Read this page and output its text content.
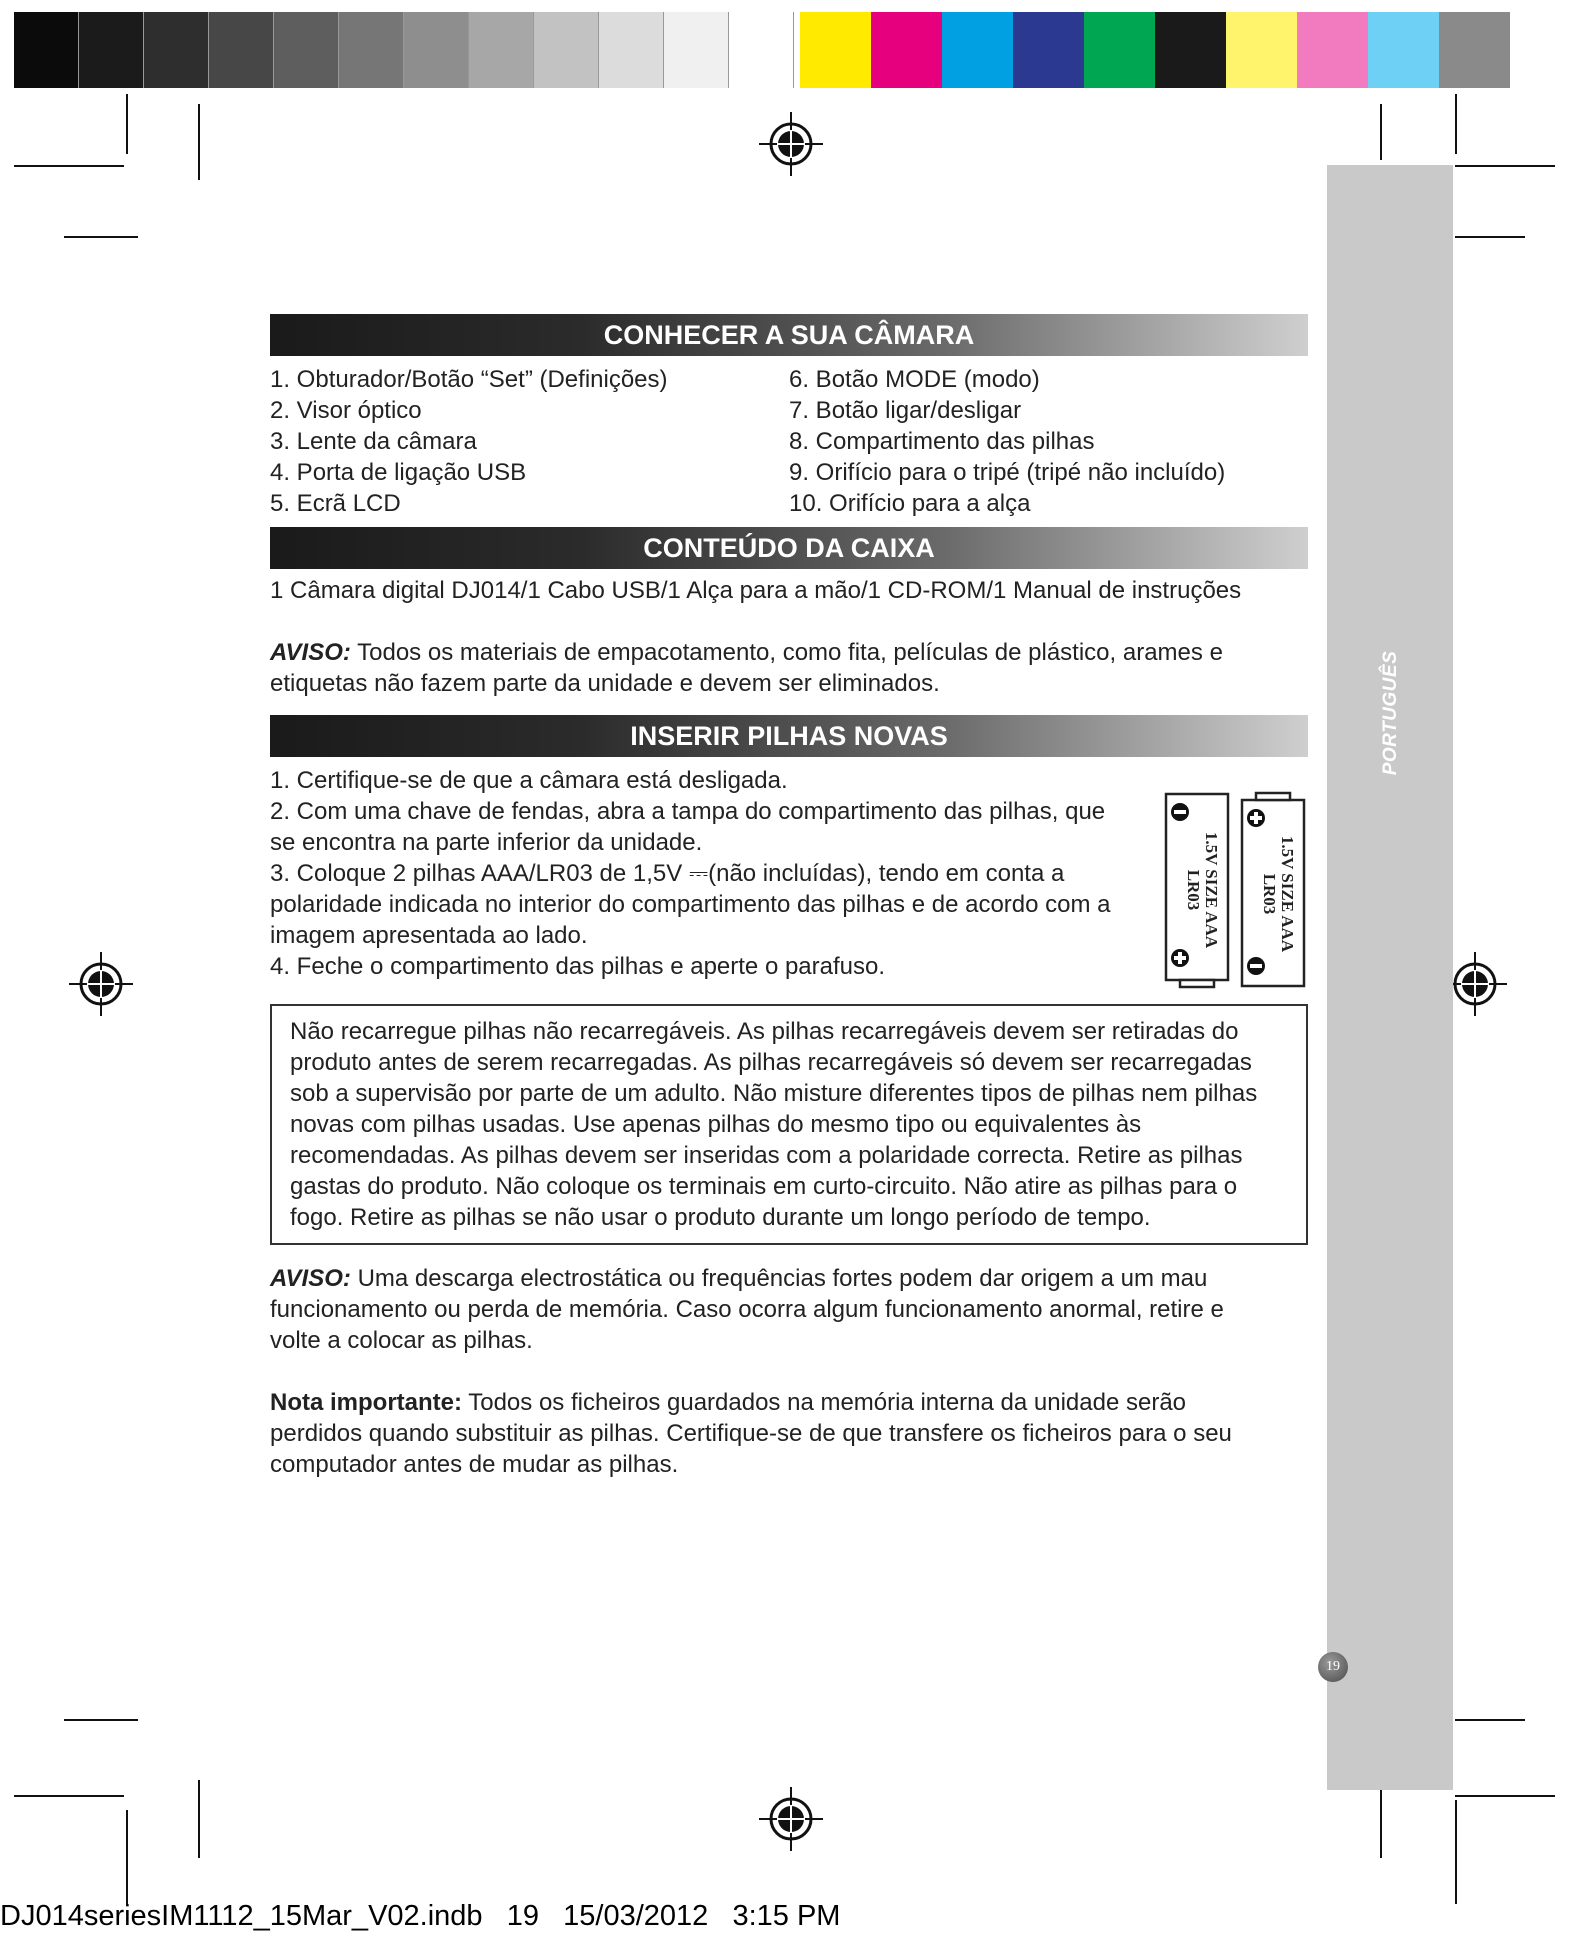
PORTUGUÊS
19
CONHECER A SUA CÂMARA
1. Obturador/Botão “Set” (Definições)
2. Visor óptico
3. Lente da câmara
4. Porta de ligação USB
5. Ecrã LCD
6. Botão MODE (modo)
7. Botão ligar/desligar
8. Compartimento das pilhas
9. Orifício para o tripé (tripé não incluído)
10. Orifício para a alça
CONTEÚDO DA CAIXA

1 Câmara digital DJ014/1 Cabo USB/1 Alça para a mão/1 CD-ROM/1 Manual de instruções

AVISO: Todos os materiais de empacotamento, como fita, películas de plástico, arames e etiquetas não fazem parte da unidade e devem ser eliminados.

INSERIR PILHAS NOVAS

1. Certifique-se de que a câmara está desligada.

2. Com uma chave de fendas, abra a tampa do compartimento das pilhas, que se encontra na parte inferior da unidade.

3. Coloque 2 pilhas AAA/LR03 de 1,5V ⎓(não incluídas), tendo em conta a polaridade indicada no interior do compartimento das pilhas e de acordo com a imagem apresentada ao lado.

4. Feche o compartimento das pilhas e aperte o parafuso.

Não recarregue pilhas não recarregáveis. As pilhas recarregáveis devem ser retiradas do produto antes de serem recarregadas. As pilhas recarregáveis só devem ser recarregadas sob a supervisão por parte de um adulto. Não misture diferentes tipos de pilhas nem pilhas novas com pilhas usadas. Use apenas pilhas do mesmo tipo ou equivalentes às recomendadas. As pilhas devem ser inseridas com a polaridade correcta. Retire as pilhas gastas do produto. Não coloque os terminais em curto-circuito. Não atire as pilhas para o fogo. Retire as pilhas se não usar o produto durante um longo período de tempo.

AVISO: Uma descarga electrostática ou frequências fortes podem dar origem a um mau funcionamento ou perda de memória. Caso ocorra algum funcionamento anormal, retire e volte a colocar as pilhas.

Nota importante: Todos os ficheiros guardados na memória interna da unidade serão perdidos quando substituir as pilhas. Certifique-se de que transfere os ficheiros para o seu computador antes de mudar as pilhas.

1.5V SIZE AAA
LR03	1.5V SIZE AAA
LR03
DJ014seriesIM1112_15Mar_V02.indb   19   15/03/2012   3:15 PM
